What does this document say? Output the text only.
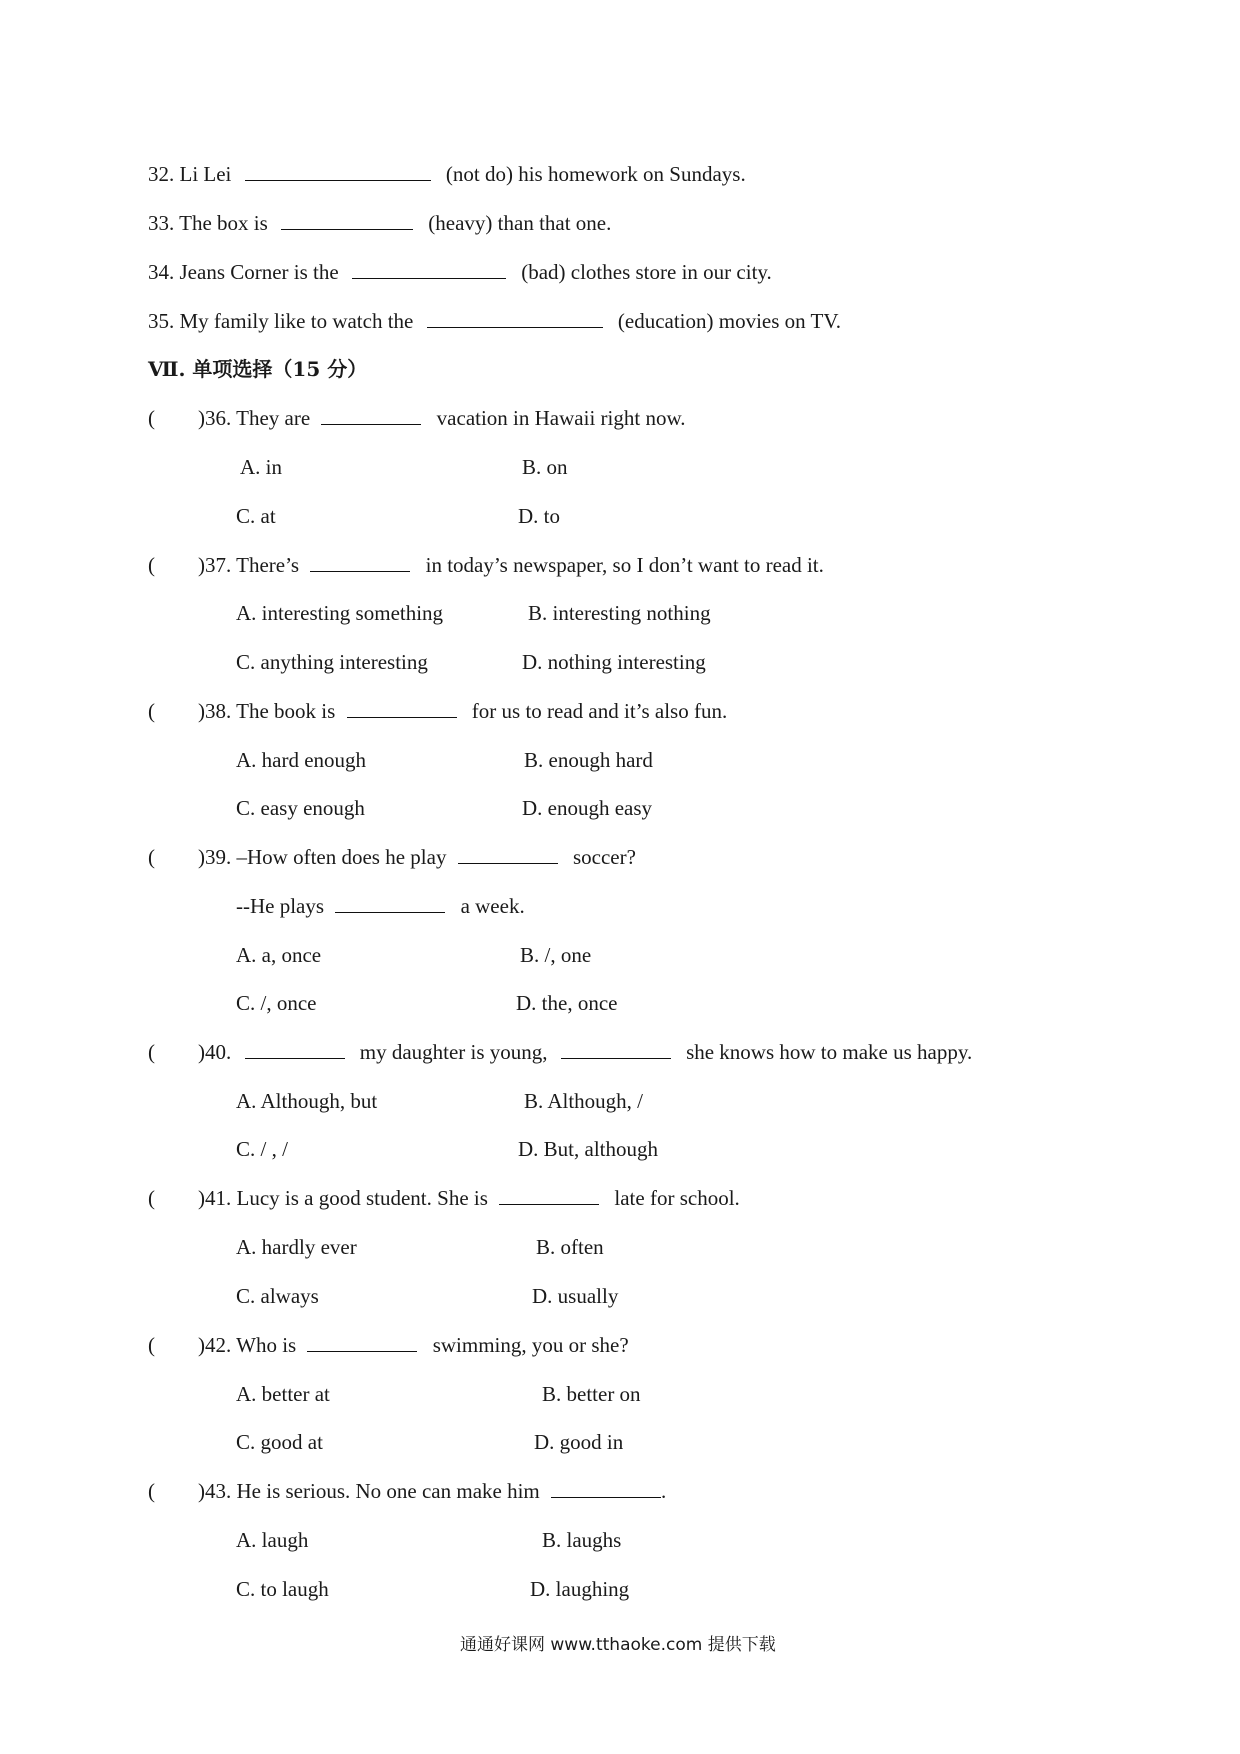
32. Li Lei	(not do) his homework on Sundays.
33. The box is	(heavy) than that one.
34. Jeans Corner is the	(bad) clothes store in our city.
35. My family like to watch the	(education) movies on TV.
Ⅶ. 单项选择（15 分）
( )36. They are	vacation in Hawaii right now.
A. in	B. on
C. at	D. to
( )37. There’s	in today’s newspaper, so I don’t want to read it.
A. interesting something	B. interesting nothing
C. anything interesting	D. nothing interesting
( )38. The book is	for us to read and it’s also fun.
A. hard enough	B. enough hard
C. easy enough	D. enough easy
( )39. –How often does he play	soccer?
--He plays	a week.
A. a, once	B. /, one
C. /, once	D. the, once
( )40.	my daughter is young,	she knows how to make us happy.
A. Although, but	B. Although, /
C. / , /	D. But, although
( )41. Lucy is a good student. She is	late for school.
A. hardly ever	B. often
C. always	D. usually
( )42. Who is	swimming, you or she?
A. better at	B. better on
C. good at	D. good in
( )43. He is serious. No one can make him	.
A. laugh	B. laughs
C. to laugh	D. laughing
通通好课网 www.tthaoke.com 提供下载
